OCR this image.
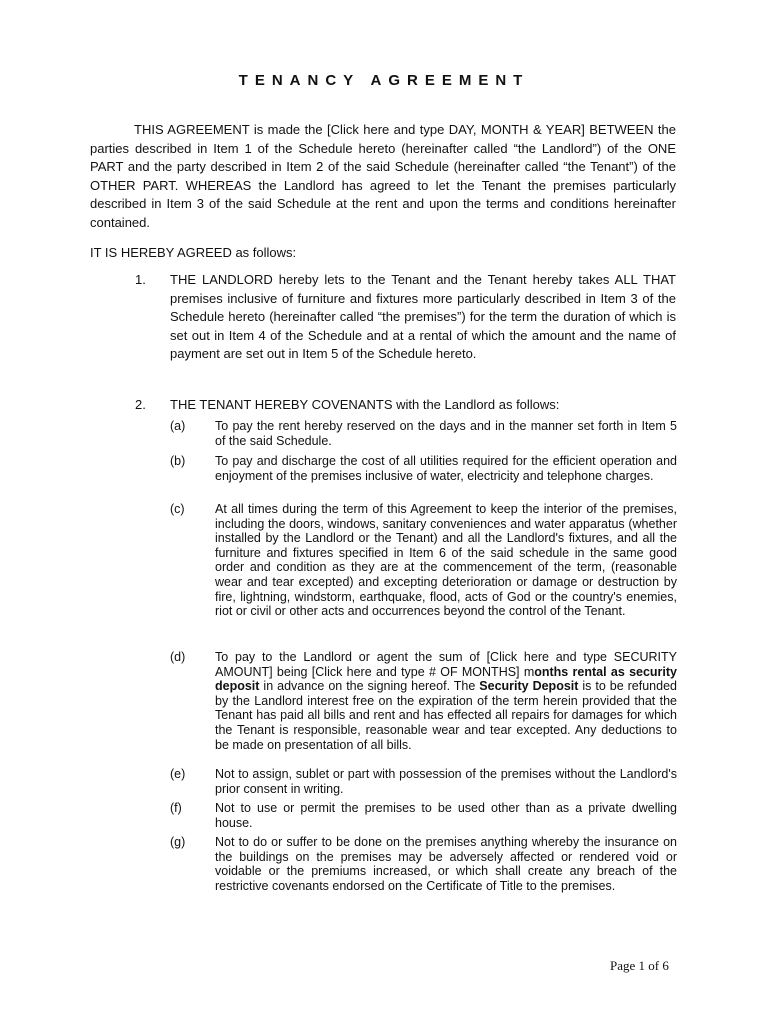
TENANCY AGREEMENT
THIS AGREEMENT is made the [Click here and type DAY, MONTH & YEAR] BETWEEN the parties described in Item 1 of the Schedule hereto (hereinafter called “the Landlord”) of the ONE PART and the party described in Item 2 of the said Schedule (hereinafter called “the Tenant”) of the OTHER PART. WHEREAS the Landlord has agreed to let the Tenant the premises particularly described in Item 3 of the said Schedule at the rent and upon the terms and conditions hereinafter contained.
IT IS HEREBY AGREED as follows:
1. THE LANDLORD hereby lets to the Tenant and the Tenant hereby takes ALL THAT premises inclusive of furniture and fixtures more particularly described in Item 3 of the Schedule hereto (hereinafter called “the premises”) for the term the duration of which is set out in Item 4 of the Schedule and at a rental of which the amount and the name of payment are set out in Item 5 of the Schedule hereto.
2. THE TENANT HEREBY COVENANTS with the Landlord as follows:
(a) To pay the rent hereby reserved on the days and in the manner set forth in Item 5 of the said Schedule.
(b) To pay and discharge the cost of all utilities required for the efficient operation and enjoyment of the premises inclusive of water, electricity and telephone charges.
(c) At all times during the term of this Agreement to keep the interior of the premises, including the doors, windows, sanitary conveniences and water apparatus (whether installed by the Landlord or the Tenant) and all the Landlord's fixtures, and all the furniture and fixtures specified in Item 6 of the said schedule in the same good order and condition as they are at the commencement of the term, (reasonable wear and tear excepted) and excepting deterioration or damage or destruction by fire, lightning, windstorm, earthquake, flood, acts of God or the country's enemies, riot or civil or other acts and occurrences beyond the control of the Tenant.
(d) To pay to the Landlord or agent the sum of [Click here and type SECURITY AMOUNT] being [Click here and type # OF MONTHS] months rental as security deposit in advance on the signing hereof. The Security Deposit is to be refunded by the Landlord interest free on the expiration of the term herein provided that the Tenant has paid all bills and rent and has effected all repairs for damages for which the Tenant is responsible, reasonable wear and tear excepted. Any deductions to be made on presentation of all bills.
(e) Not to assign, sublet or part with possession of the premises without the Landlord's prior consent in writing.
(f)	Not to use or permit the premises to be used other than as a private dwelling house.
(g) Not to do or suffer to be done on the premises anything whereby the insurance on the buildings on the premises may be adversely affected or rendered void or voidable or the premiums increased, or which shall create any breach of the restrictive covenants endorsed on the Certificate of Title to the premises.
Page 1 of 6
